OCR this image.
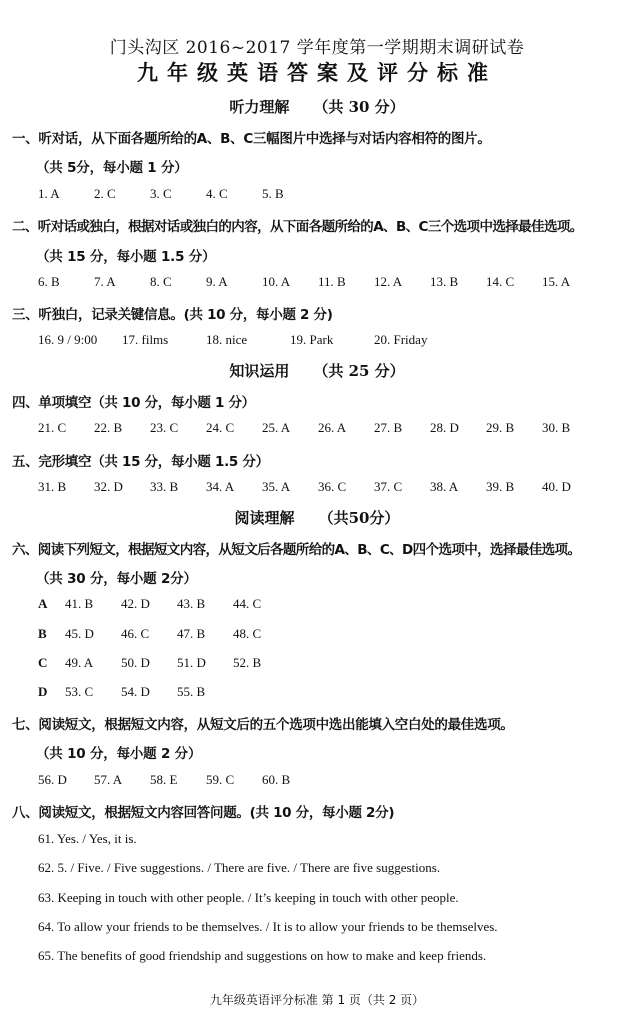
门头沟区 2016~2017 学年度第一学期期末调研试卷
九年级英语答案及评分标准
听力理解 （共 30 分）
一、听对话，从下面各题所给的A、B、C三幅图片中选择与对话内容相符的图片。
（共 5分，每小题 1 分）
1. A	2. C	3. C	4. C	5. B
二、听对话或独白，根据对话或独白的内容，从下面各题所给的A、B、C三个选项中选择最佳选项。
（共 15 分，每小题 1.5 分）
6. B	7. A	8. C	9. A	10. A 11. B 12. A 13. B 14. C 15. A
三、听独白，记录关键信息。(共 10 分，每小题 2 分)
16. 9 / 9:00 17. films	18. nice	19. Park	20. Friday
知识运用 （共 25 分）
四、单项填空（共 10 分，每小题 1 分）
21. C 22. B 23. C 24. C 25. A 26. A 27. B 28. D 29. B 30. B
五、完形填空（共 15 分，每小题 1.5 分）
31. B 32. D 33. B 34. A 35. A 36. C 37. C 38. A 39. B 40. D
阅读理解 （共50分）
六、阅读下列短文，根据短文内容，从短文后各题所给的A、B、C、D四个选项中，选择最佳选项。
（共 30 分，每小题 2分）
A 41. B 42. D 43. B 44. C
B 45. D 46. C 47. B 48. C
C 49. A 50. D 51. D 52. B
D 53. C 54. D 55. B
七、阅读短文，根据短文内容，从短文后的五个选项中选出能填入空白处的最佳选项。
（共 10 分，每小题 2 分）
56. D 57. A 58. E 59. C 60. B
八、阅读短文，根据短文内容回答问题。(共 10 分，每小题 2分)
61. Yes. / Yes, it is.
62. 5. / Five. / Five suggestions. / There are five. / There are five suggestions.
63. Keeping in touch with other people. / It’s keeping in touch with other people.
64. To allow your friends to be themselves. / It is to allow your friends to be themselves.
65. The benefits of good friendship and suggestions on how to make and keep friends.
九年级英语评分标准 第 1 页（共 2 页）
